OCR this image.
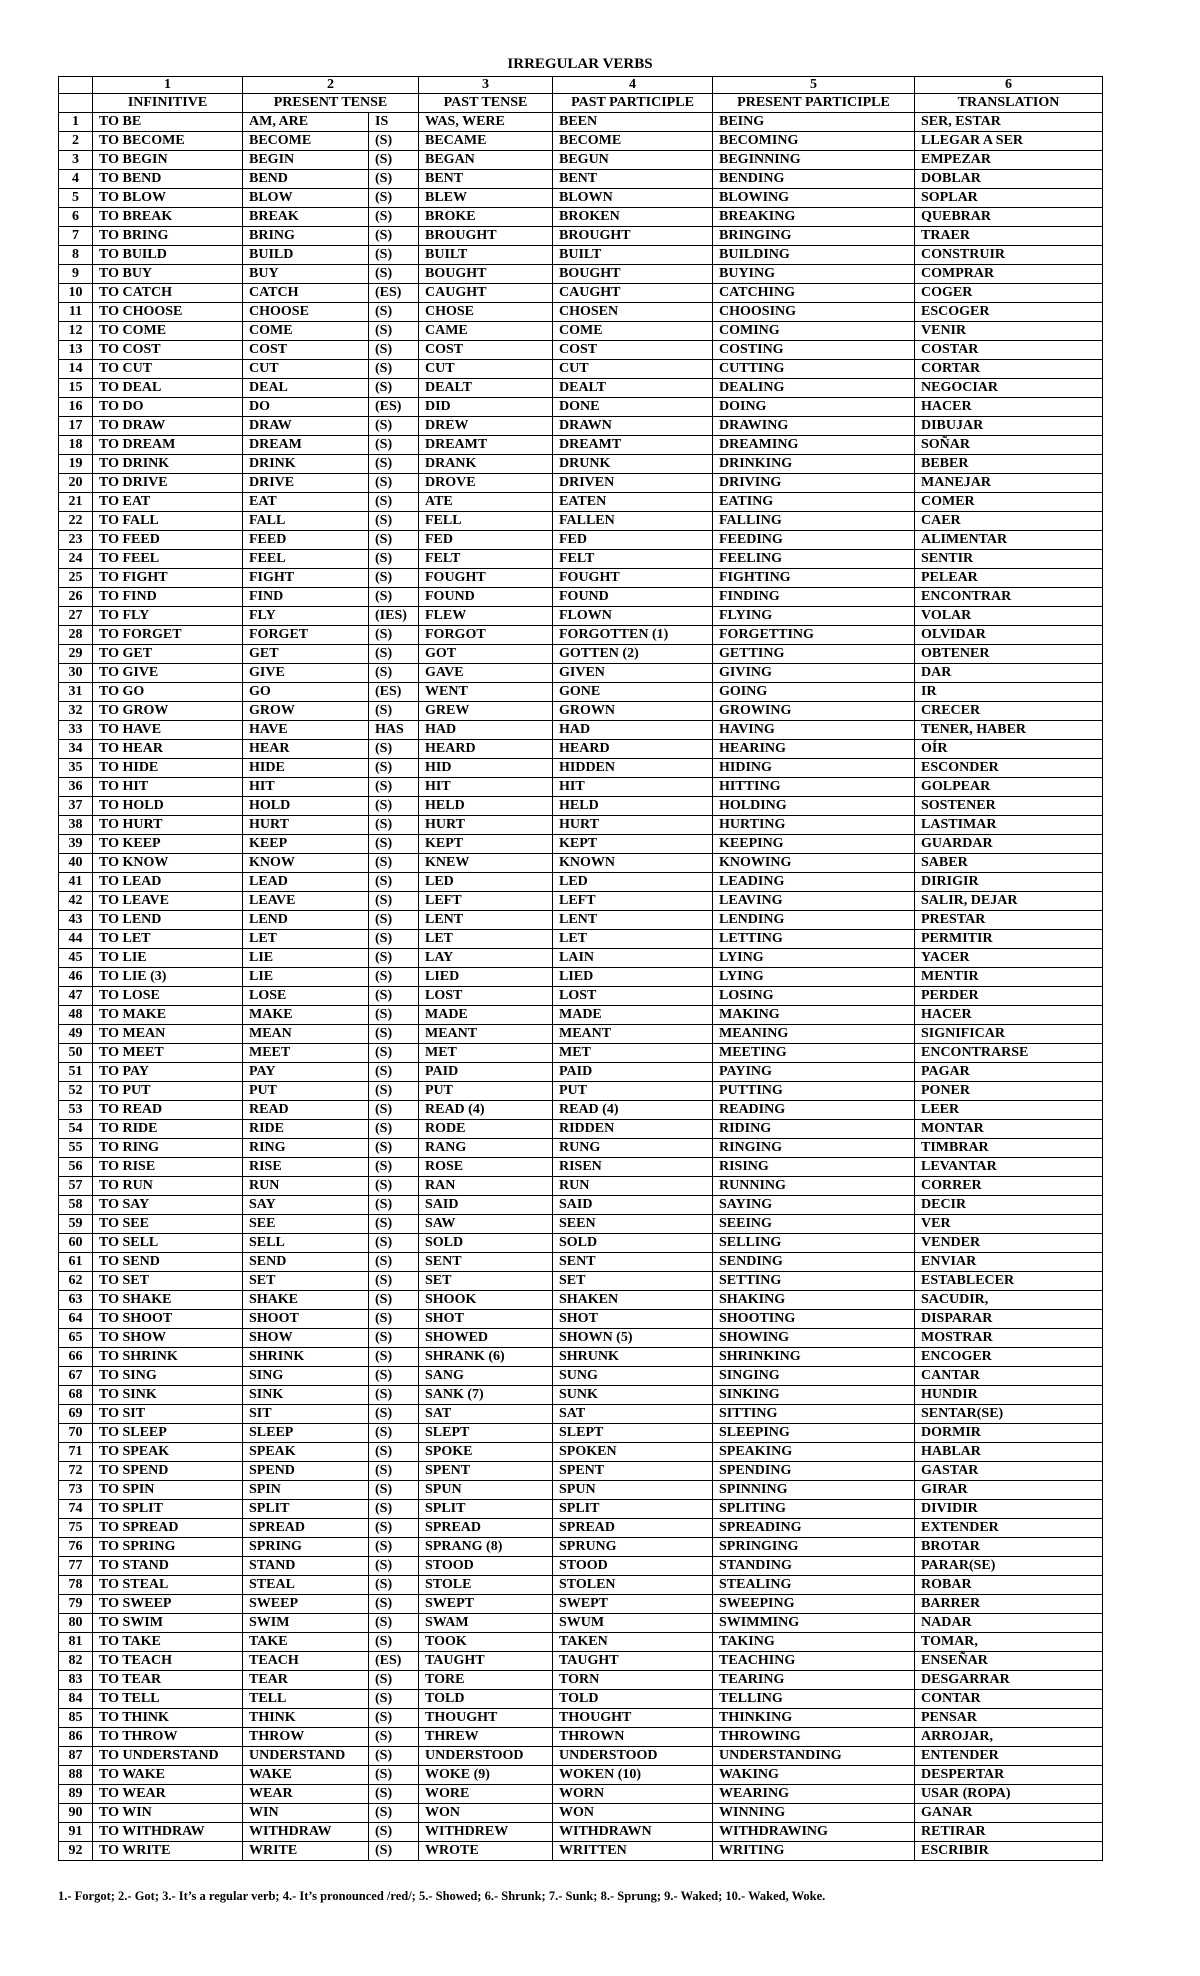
IRREGULAR VERBS
	1	2		3	4	5	6
	INFINITIVE	PRESENT TENSE		PAST TENSE	PAST PARTICIPLE	PRESENT PARTICIPLE	TRANSLATION
1	TO BE	AM, ARE	IS	WAS, WERE	BEEN	BEING	SER, ESTAR
2	TO BECOME	BECOME	(S)	BECAME	BECOME	BECOMING	LLEGAR A SER
3	TO BEGIN	BEGIN	(S)	BEGAN	BEGUN	BEGINNING	EMPEZAR
4	TO BEND	BEND	(S)	BENT	BENT	BENDING	DOBLAR
5	TO BLOW	BLOW	(S)	BLEW	BLOWN	BLOWING	SOPLAR
6	TO BREAK	BREAK	(S)	BROKE	BROKEN	BREAKING	QUEBRAR
7	TO BRING	BRING	(S)	BROUGHT	BROUGHT	BRINGING	TRAER
8	TO BUILD	BUILD	(S)	BUILT	BUILT	BUILDING	CONSTRUIR
9	TO BUY	BUY	(S)	BOUGHT	BOUGHT	BUYING	COMPRAR
10	TO CATCH	CATCH	(ES)	CAUGHT	CAUGHT	CATCHING	COGER
11	TO CHOOSE	CHOOSE	(S)	CHOSE	CHOSEN	CHOOSING	ESCOGER
12	TO COME	COME	(S)	CAME	COME	COMING	VENIR
13	TO COST	COST	(S)	COST	COST	COSTING	COSTAR
14	TO CUT	CUT	(S)	CUT	CUT	CUTTING	CORTAR
15	TO DEAL	DEAL	(S)	DEALT	DEALT	DEALING	NEGOCIAR
16	TO DO	DO	(ES)	DID	DONE	DOING	HACER
17	TO DRAW	DRAW	(S)	DREW	DRAWN	DRAWING	DIBUJAR
18	TO DREAM	DREAM	(S)	DREAMT	DREAMT	DREAMING	SOÑAR
19	TO DRINK	DRINK	(S)	DRANK	DRUNK	DRINKING	BEBER
20	TO DRIVE	DRIVE	(S)	DROVE	DRIVEN	DRIVING	MANEJAR
21	TO EAT	EAT	(S)	ATE	EATEN	EATING	COMER
22	TO FALL	FALL	(S)	FELL	FALLEN	FALLING	CAER
23	TO FEED	FEED	(S)	FED	FED	FEEDING	ALIMENTAR
24	TO FEEL	FEEL	(S)	FELT	FELT	FEELING	SENTIR
25	TO FIGHT	FIGHT	(S)	FOUGHT	FOUGHT	FIGHTING	PELEAR
26	TO FIND	FIND	(S)	FOUND	FOUND	FINDING	ENCONTRAR
27	TO FLY	FLY	(IES)	FLEW	FLOWN	FLYING	VOLAR
28	TO FORGET	FORGET	(S)	FORGOT	FORGOTTEN (1)	FORGETTING	OLVIDAR
29	TO GET	GET	(S)	GOT	GOTTEN (2)	GETTING	OBTENER
30	TO GIVE	GIVE	(S)	GAVE	GIVEN	GIVING	DAR
31	TO GO	GO	(ES)	WENT	GONE	GOING	IR
32	TO GROW	GROW	(S)	GREW	GROWN	GROWING	CRECER
33	TO HAVE	HAVE	HAS	HAD	HAD	HAVING	TENER, HABER
34	TO HEAR	HEAR	(S)	HEARD	HEARD	HEARING	OÍR
35	TO HIDE	HIDE	(S)	HID	HIDDEN	HIDING	ESCONDER
36	TO HIT	HIT	(S)	HIT	HIT	HITTING	GOLPEAR
37	TO HOLD	HOLD	(S)	HELD	HELD	HOLDING	SOSTENER
38	TO HURT	HURT	(S)	HURT	HURT	HURTING	LASTIMAR
39	TO KEEP	KEEP	(S)	KEPT	KEPT	KEEPING	GUARDAR
40	TO KNOW	KNOW	(S)	KNEW	KNOWN	KNOWING	SABER
41	TO LEAD	LEAD	(S)	LED	LED	LEADING	DIRIGIR
42	TO LEAVE	LEAVE	(S)	LEFT	LEFT	LEAVING	SALIR, DEJAR
43	TO LEND	LEND	(S)	LENT	LENT	LENDING	PRESTAR
44	TO LET	LET	(S)	LET	LET	LETTING	PERMITIR
45	TO LIE	LIE	(S)	LAY	LAIN	LYING	YACER
46	TO LIE (3)	LIE	(S)	LIED	LIED	LYING	MENTIR
47	TO LOSE	LOSE	(S)	LOST	LOST	LOSING	PERDER
48	TO MAKE	MAKE	(S)	MADE	MADE	MAKING	HACER
49	TO MEAN	MEAN	(S)	MEANT	MEANT	MEANING	SIGNIFICAR
50	TO MEET	MEET	(S)	MET	MET	MEETING	ENCONTRARSE
51	TO PAY	PAY	(S)	PAID	PAID	PAYING	PAGAR
52	TO PUT	PUT	(S)	PUT	PUT	PUTTING	PONER
53	TO READ	READ	(S)	READ (4)	READ (4)	READING	LEER
54	TO RIDE	RIDE	(S)	RODE	RIDDEN	RIDING	MONTAR
55	TO RING	RING	(S)	RANG	RUNG	RINGING	TIMBRAR
56	TO RISE	RISE	(S)	ROSE	RISEN	RISING	LEVANTAR
57	TO RUN	RUN	(S)	RAN	RUN	RUNNING	CORRER
58	TO SAY	SAY	(S)	SAID	SAID	SAYING	DECIR
59	TO SEE	SEE	(S)	SAW	SEEN	SEEING	VER
60	TO SELL	SELL	(S)	SOLD	SOLD	SELLING	VENDER
61	TO SEND	SEND	(S)	SENT	SENT	SENDING	ENVIAR
62	TO SET	SET	(S)	SET	SET	SETTING	ESTABLECER
63	TO SHAKE	SHAKE	(S)	SHOOK	SHAKEN	SHAKING	SACUDIR,
64	TO SHOOT	SHOOT	(S)	SHOT	SHOT	SHOOTING	DISPARAR
65	TO SHOW	SHOW	(S)	SHOWED	SHOWN (5)	SHOWING	MOSTRAR
66	TO SHRINK	SHRINK	(S)	SHRANK (6)	SHRUNK	SHRINKING	ENCOGER
67	TO SING	SING	(S)	SANG	SUNG	SINGING	CANTAR
68	TO SINK	SINK	(S)	SANK (7)	SUNK	SINKING	HUNDIR
69	TO SIT	SIT	(S)	SAT	SAT	SITTING	SENTAR(SE)
70	TO SLEEP	SLEEP	(S)	SLEPT	SLEPT	SLEEPING	DORMIR
71	TO SPEAK	SPEAK	(S)	SPOKE	SPOKEN	SPEAKING	HABLAR
72	TO SPEND	SPEND	(S)	SPENT	SPENT	SPENDING	GASTAR
73	TO SPIN	SPIN	(S)	SPUN	SPUN	SPINNING	GIRAR
74	TO SPLIT	SPLIT	(S)	SPLIT	SPLIT	SPLITING	DIVIDIR
75	TO SPREAD	SPREAD	(S)	SPREAD	SPREAD	SPREADING	EXTENDER
76	TO SPRING	SPRING	(S)	SPRANG (8)	SPRUNG	SPRINGING	BROTAR
77	TO STAND	STAND	(S)	STOOD	STOOD	STANDING	PARAR(SE)
78	TO STEAL	STEAL	(S)	STOLE	STOLEN	STEALING	ROBAR
79	TO SWEEP	SWEEP	(S)	SWEPT	SWEPT	SWEEPING	BARRER
80	TO SWIM	SWIM	(S)	SWAM	SWUM	SWIMMING	NADAR
81	TO TAKE	TAKE	(S)	TOOK	TAKEN	TAKING	TOMAR,
82	TO TEACH	TEACH	(ES)	TAUGHT	TAUGHT	TEACHING	ENSEÑAR
83	TO TEAR	TEAR	(S)	TORE	TORN	TEARING	DESGARRAR
84	TO TELL	TELL	(S)	TOLD	TOLD	TELLING	CONTAR
85	TO THINK	THINK	(S)	THOUGHT	THOUGHT	THINKING	PENSAR
86	TO THROW	THROW	(S)	THREW	THROWN	THROWING	ARROJAR,
87	TO UNDERSTAND	UNDERSTAND	(S)	UNDERSTOOD	UNDERSTOOD	UNDERSTANDING	ENTENDER
88	TO WAKE	WAKE	(S)	WOKE (9)	WOKEN (10)	WAKING	DESPERTAR
89	TO WEAR	WEAR	(S)	WORE	WORN	WEARING	USAR (ROPA)
90	TO WIN	WIN	(S)	WON	WON	WINNING	GANAR
91	TO WITHDRAW	WITHDRAW	(S)	WITHDREW	WITHDRAWN	WITHDRAWING	RETIRAR
92	TO WRITE	WRITE	(S)	WROTE	WRITTEN	WRITING	ESCRIBIR
1.- Forgot; 2.- Got; 3.- It’s a regular verb; 4.- It’s pronounced /red/; 5.- Showed; 6.- Shrunk; 7.- Sunk; 8.- Sprung; 9.- Waked; 10.- Waked, Woke.
